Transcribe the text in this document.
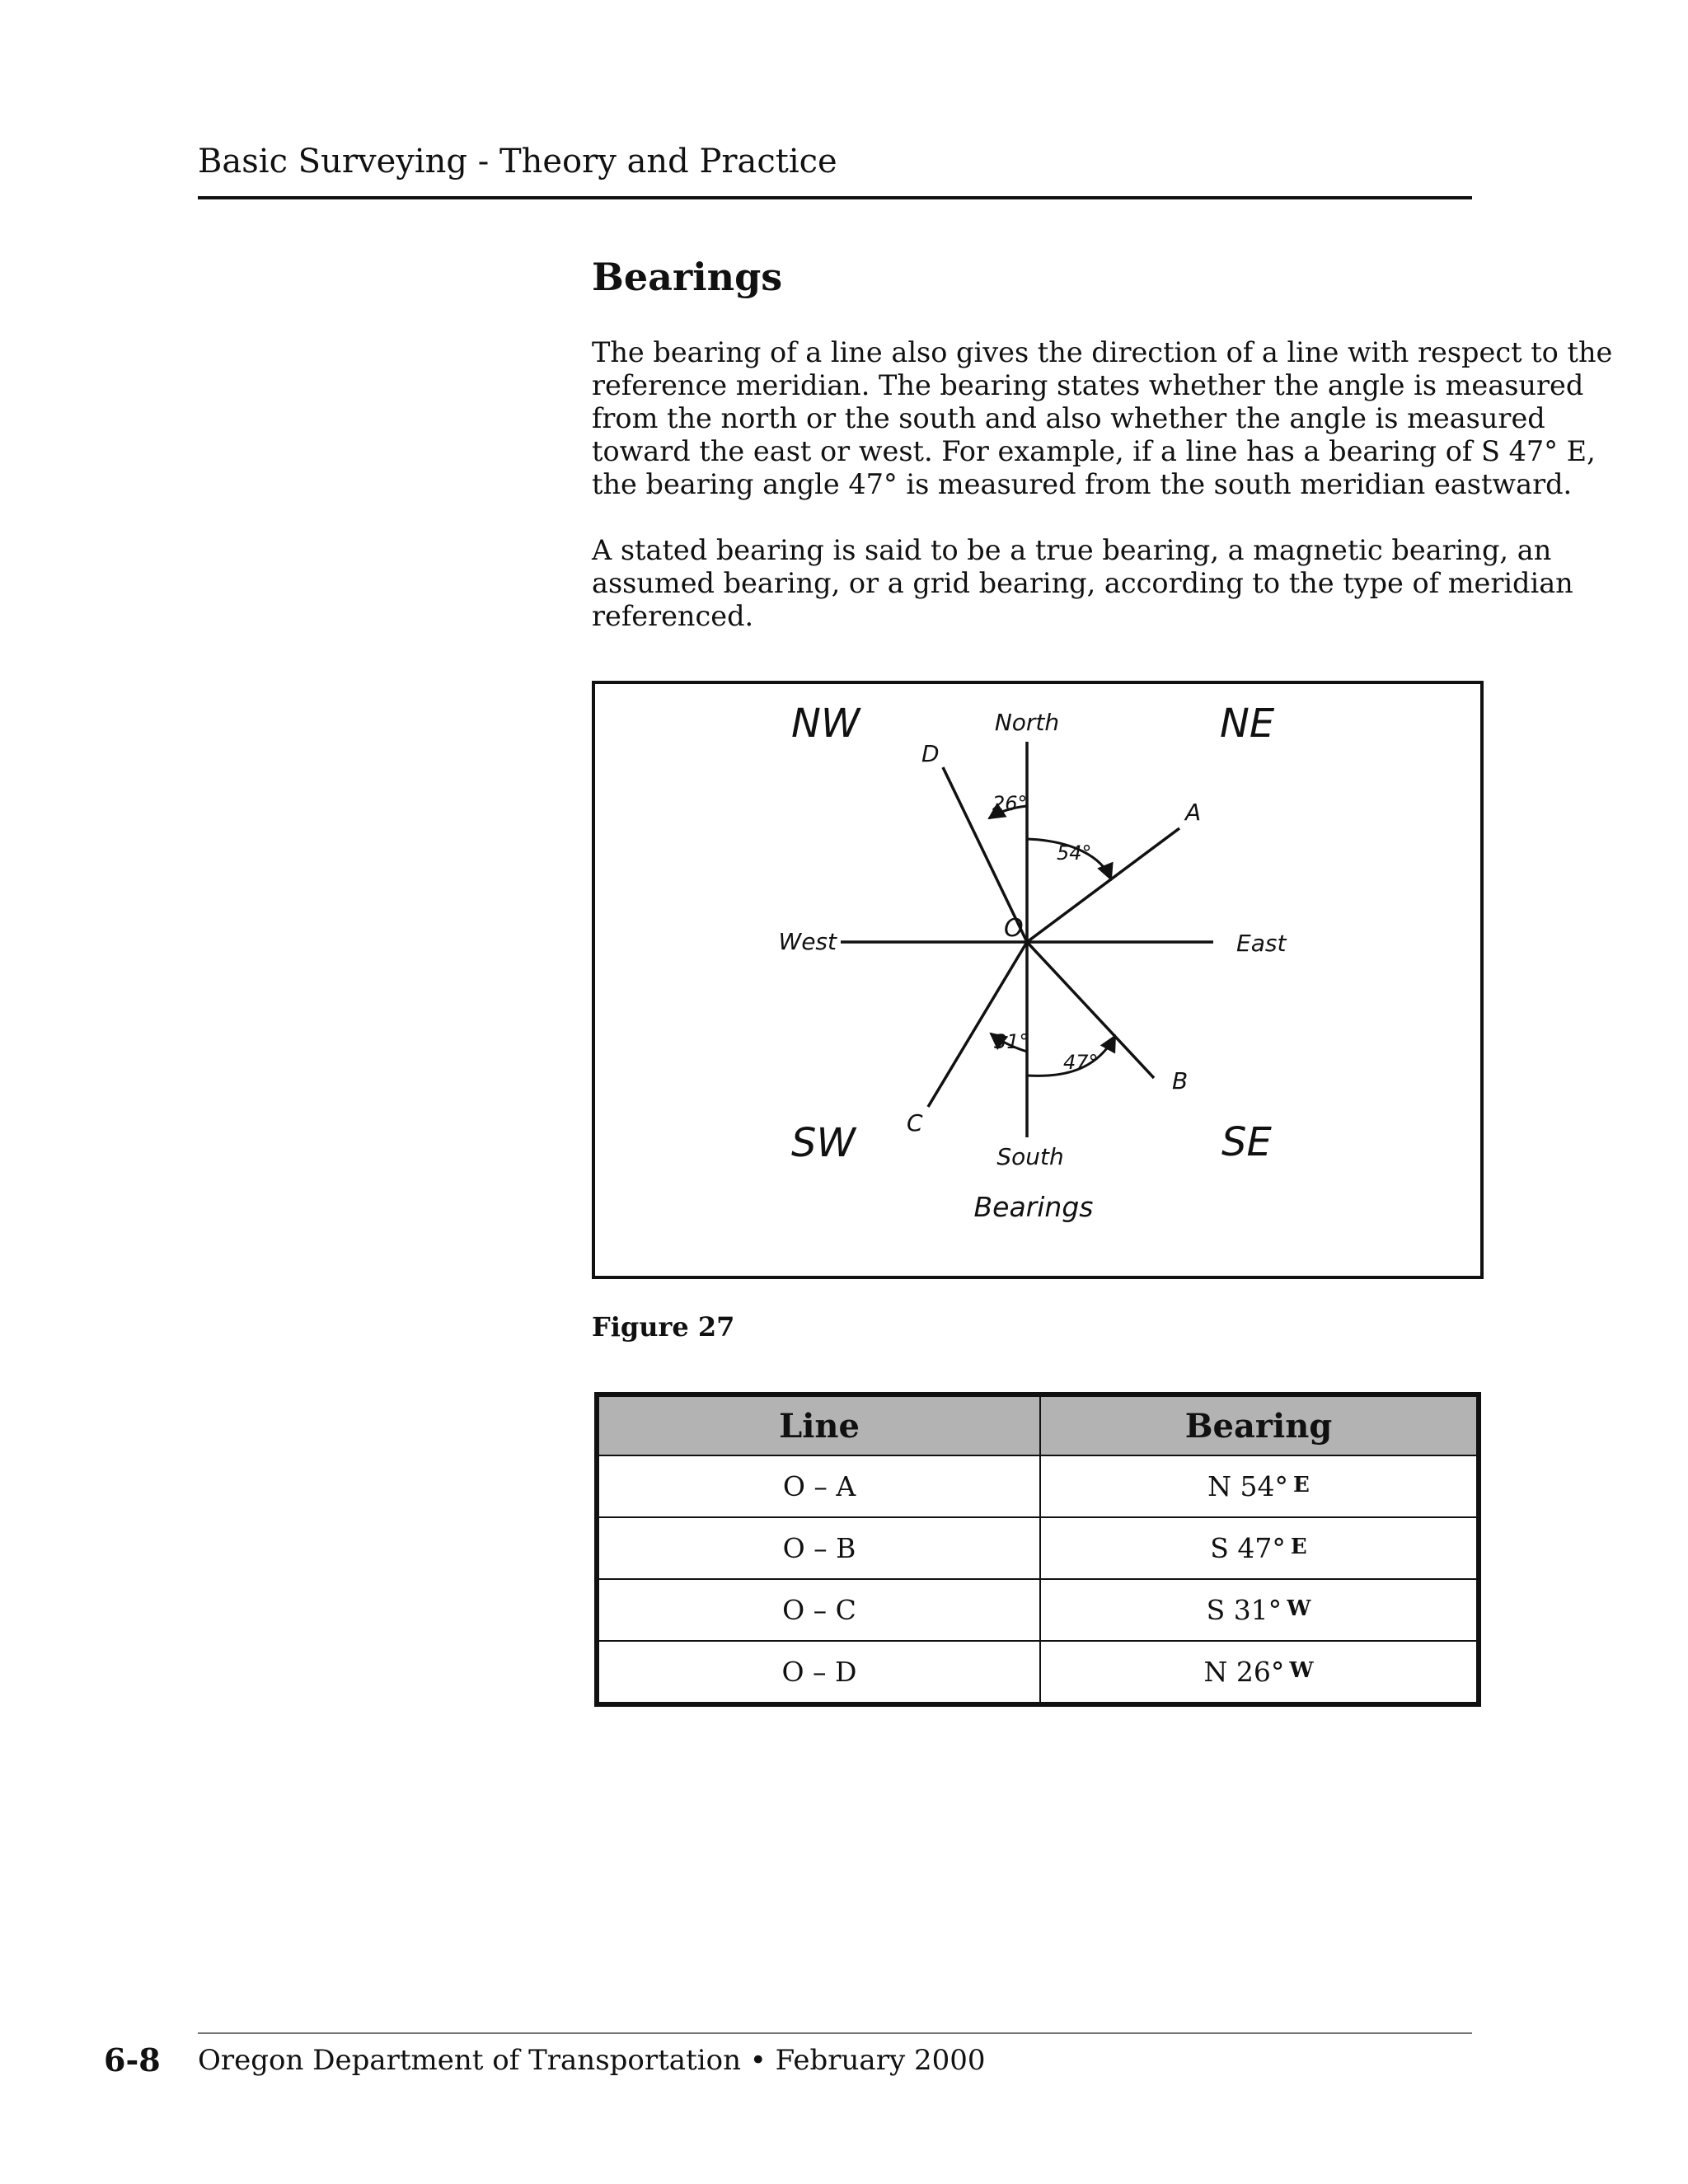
Basic Surveying - Theory and Practice
Bearings
The bearing of a line also gives the direction of a line with respect to the
reference meridian. The bearing states whether the angle is measured
from the north or the south and also whether the angle is measured
toward the east or west. For example, if a line has a bearing of S 47° E,
the bearing angle 47° is measured from the south meridian eastward.
A stated bearing is said to be a true bearing, a magnetic bearing, an
assumed bearing, or a grid bearing, according to the type of meridian
referenced.
NW	NE
SW	SE
North
South
East
West	O
A
B
C
D
54°
47°
31°
26°
Bearings
Figure 27
Line	Bearing
O – A	N 54° E
O – B	S 47° E
O – C	S 31° W
O – D	N 26° W
6-8 Oregon Department of Transportation • February 2000
